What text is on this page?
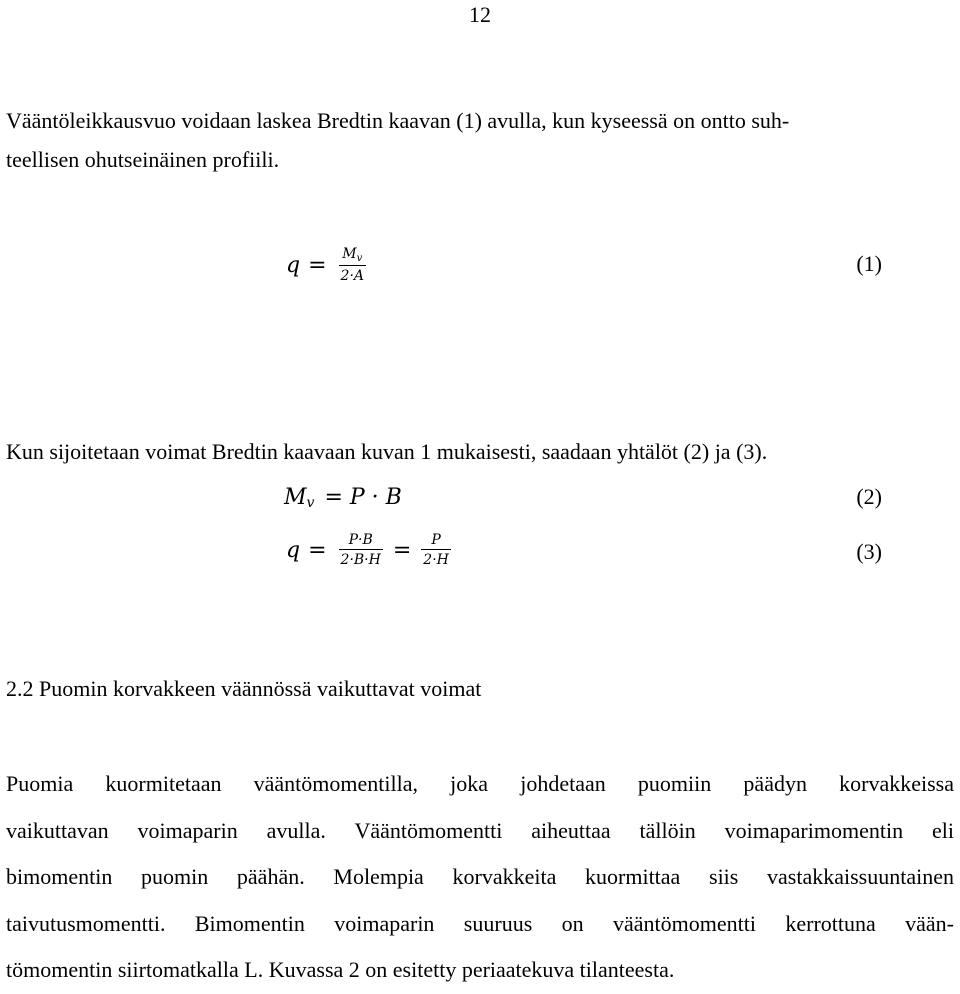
12
Vääntöleikkausvuo voidaan laskea Bredtin kaavan (1) avulla, kun kyseessä on ontto suh-
teellisen ohutseinäinen profiili.
$q = \frac{M_v}{2\cdot A}$	(1)
Kun sijoitetaan voimat Bredtin kaavaan kuvan 1 mukaisesti, saadaan yhtälöt (2) ja (3).
M v = P · B	(2)
$q = \frac{P\cdot B}{2\cdot B\cdot H} = \frac{P}{2\cdot H}$	(3)
2.2 Puomin korvakkeen väännössä vaikuttavat voimat
Puomia kuormitetaan vääntömomentilla, joka johdetaan puomiin päädyn korvakkeissa
vaikuttavan voimaparin avulla. Vääntömomentti aiheuttaa tällöin voimaparimomentin eli
bimomentin puomin päähän. Molempia korvakkeita kuormittaa siis vastakkaissuuntainen
taivutusmomentti. Bimomentin voimaparin suuruus on vääntömomentti kerrottuna vään-
tömomentin siirtomatkalla L. Kuvassa 2 on esitetty periaatekuva tilanteesta.
